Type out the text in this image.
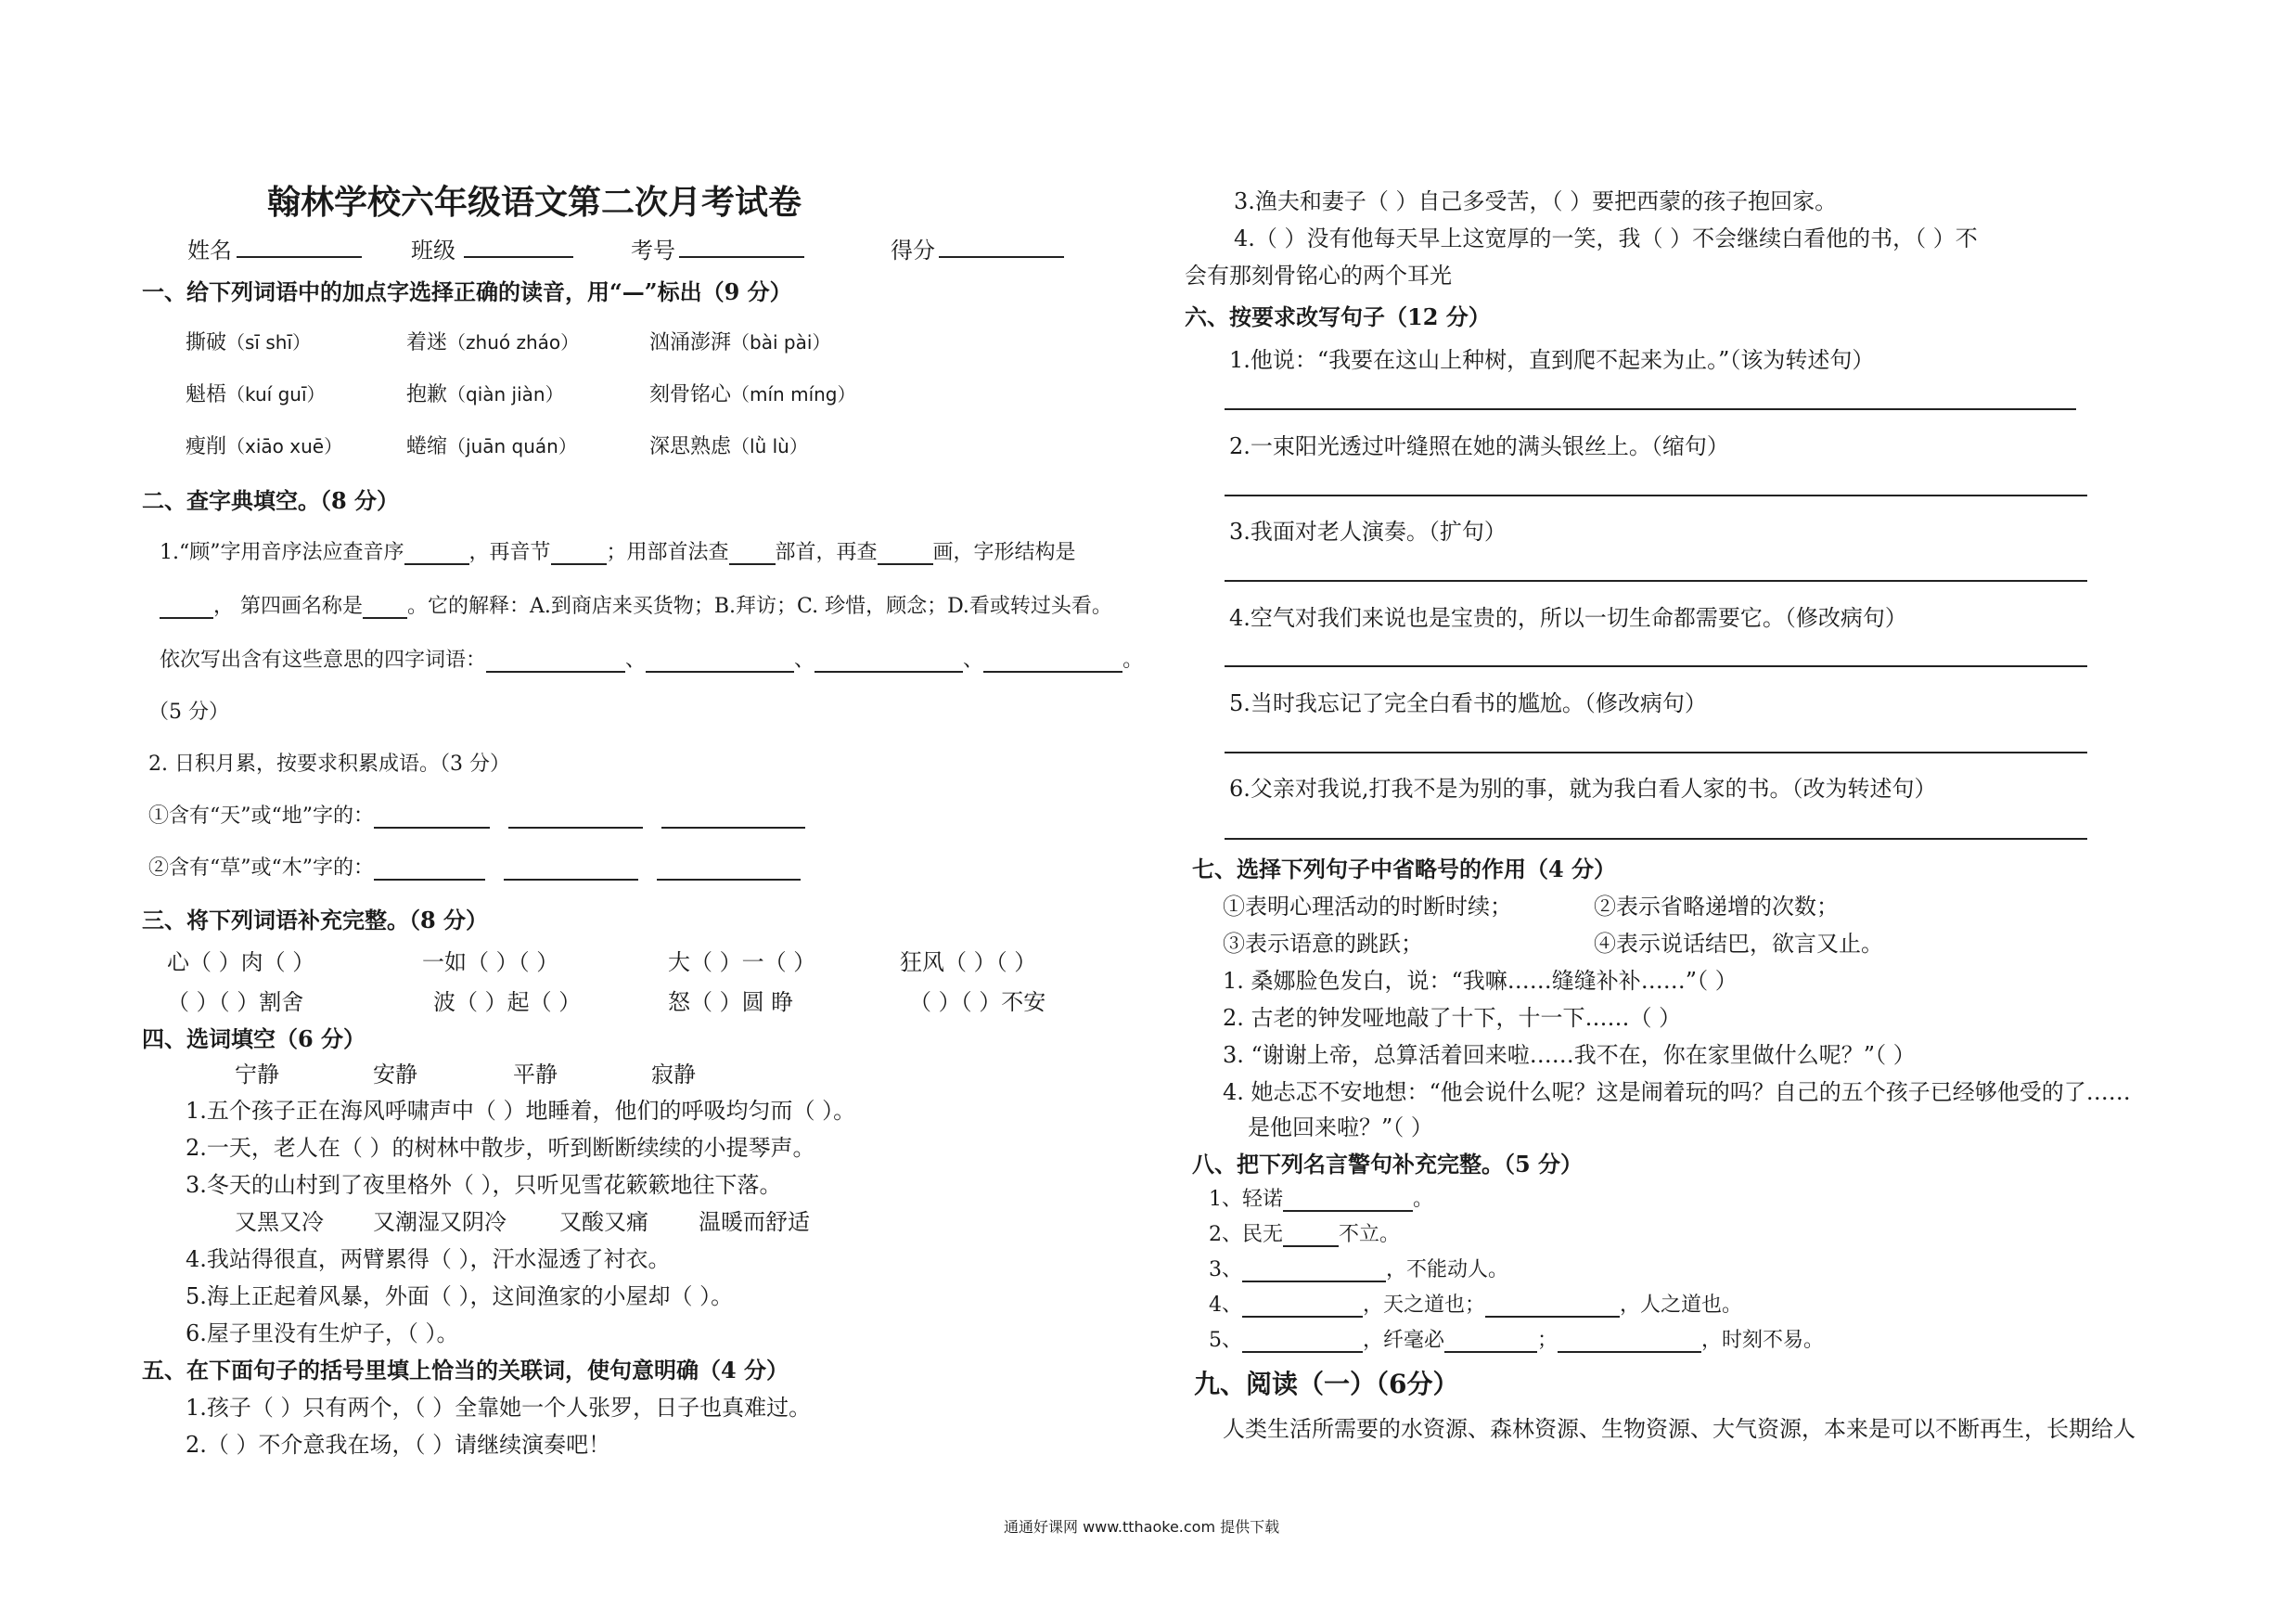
翰林学校六年级语文第二次月考试卷
姓名	班级	考号	得分
一、给下列词语中的加点字选择正确的读音，用“—”标出（9 分）
撕破（sī shī）	着迷（zhuó zháo）	汹涌澎湃（bài pài）
魁梧（kuí guī）	抱歉（qiàn jiàn）	刻骨铭心（mín míng）
瘦削（xiāo xuē）	蜷缩（juān quán）	深思熟虑（lǜ lù）
二、查字典填空。（8 分）
1.“顾”字用音序法应查音序	，再音节	；用部首法查 部首，再查	画，字形结构是
， 第四画名称是 。它的解释：A.到商店来买货物；B.拜访；C. 珍惜，顾念；D.看或转过头看。
依次写出含有这些意思的四字词语：	、	、	、	。
（5 分）
2. 日积月累，按要求积累成语。（3 分）
①含有“天”或“地”字的：
②含有“草”或“木”字的：
三、将下列词语补充完整。（8 分）
心（ ）肉（ ）	一如（ ）（ ）	大（ ）一（ ）	狂风（ ）（ ）
（ ）（ ）割舍	波（ ）起（ ）	怒（ ）圆 睁	（ ）（ ）不安
四、选词填空（6 分）
宁静	安静	平静	寂静
1.五个孩子正在海风呼啸声中（ ）地睡着，他们的呼吸均匀而（ ）。
2.一天，老人在（ ）的树林中散步，听到断断续续的小提琴声。
3.冬天的山村到了夜里格外（ ），只听见雪花簌簌地往下落。
又黑又冷 又潮湿又阴冷 又酸又痛 温暖而舒适
4.我站得很直，两臂累得（ ），汗水湿透了衬衣。
5.海上正起着风暴，外面（ ），这间渔家的小屋却（ ）。
6.屋子里没有生炉子，（ ）。
五、在下面句子的括号里填上恰当的关联词，使句意明确（4 分）
1.孩子（ ）只有两个，（ ）全靠她一个人张罗，日子也真难过。
2.（ ）不介意我在场，（ ）请继续演奏吧！
3.渔夫和妻子（ ）自己多受苦，（ ）要把西蒙的孩子抱回家。
4.（ ）没有他每天早上这宽厚的一笑，我（ ）不会继续白看他的书，（ ）不
会有那刻骨铭心的两个耳光
六、按要求改写句子（12 分）
1.他说：“我要在这山上种树，直到爬不起来为止。”（该为转述句）
2.一束阳光透过叶缝照在她的满头银丝上。（缩句）
3.我面对老人演奏。（扩句）
4.空气对我们来说也是宝贵的，所以一切生命都需要它。（修改病句）
5.当时我忘记了完全白看书的尴尬。（修改病句）
6.父亲对我说,打我不是为别的事，就为我白看人家的书。（改为转述句）
七、选择下列句子中省略号的作用（4 分）
①表明心理活动的时断时续；	②表示省略递增的次数；
③表示语意的跳跃；	④表示说话结巴，欲言又止。
1. 桑娜脸色发白，说：“我嘛……缝缝补补……”（ ）
2. 古老的钟发哑地敲了十下，十一下……（ ）
3. “谢谢上帝，总算活着回来啦……我不在，你在家里做什么呢？”（ ）
4. 她忐忑不安地想：“他会说什么呢？这是闹着玩的吗？自己的五个孩子已经够他受的了……
是他回来啦？”（ ）
八、把下列名言警句补充完整。（5 分）
1、轻诺	。
2、民无	不立。
3、	，不能动人。
4、	，天之道也；	，人之道也。
5、	，纤毫必	；	，时刻不易。
九、阅读（一）（6分）
人类生活所需要的水资源、森林资源、生物资源、大气资源，本来是可以不断再生，长期给人
通通好课网 www.tthaoke.com 提供下载
